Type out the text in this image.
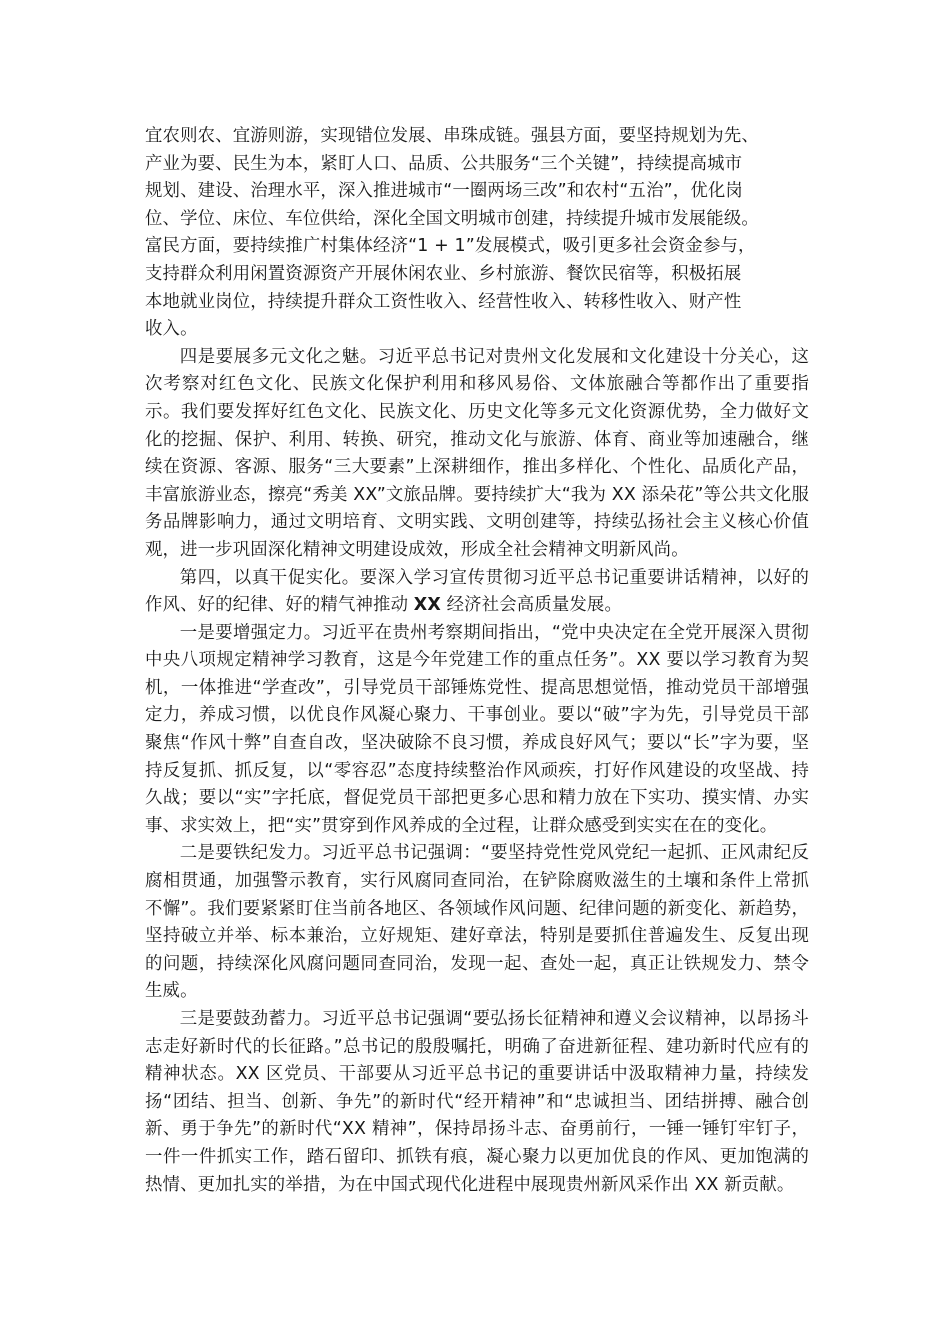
宜农则农、宜游则游，实现错位发展、串珠成链。强县方面，要坚持规划为先、

产业为要、民生为本，紧盯人口、品质、公共服务“三个关键”，持续提高城市

规划、建设、治理水平，深入推进城市“一圈两场三改”和农村“五治”，优化岗

位、学位、床位、车位供给，深化全国文明城市创建，持续提升城市发展能级。

富民方面，要持续推广村集体经济“1 + 1”发展模式，吸引更多社会资金参与，

支持群众利用闲置资源资产开展休闲农业、乡村旅游、餐饮民宿等，积极拓展

本地就业岗位，持续提升群众工资性收入、经营性收入、转移性收入、财产性

收入。

四是要展多元文化之魅。习近平总书记对贵州文化发展和文化建设十分关心，这次考察对红色文化、民族文化保护利用和移风易俗、文体旅融合等都作出了重要指示。我们要发挥好红色文化、民族文化、历史文化等多元文化资源优势，全力做好文化的挖掘、保护、利用、转换、研究，推动文化与旅游、体育、商业等加速融合，继续在资源、客源、服务“三大要素”上深耕细作，推出多样化、个性化、品质化产品，丰富旅游业态，擦亮“秀美 XX”文旅品牌。要持续扩大“我为 XX 添朵花”等公共文化服务品牌影响力，通过文明培育、文明实践、文明创建等，持续弘扬社会主义核心价值观，进一步巩固深化精神文明建设成效，形成全社会精神文明新风尚。

第四，以真干促实化。要深入学习宣传贯彻习近平总书记重要讲话精神，以好的作风、好的纪律、好的精气神推动 XX 经济社会高质量发展。

一是要增强定力。习近平在贵州考察期间指出，“党中央决定在全党开展深入贯彻中央八项规定精神学习教育，这是今年党建工作的重点任务”。XX 要以学习教育为契机，一体推进“学查改”，引导党员干部锤炼党性、提高思想觉悟，推动党员干部增强定力，养成习惯，以优良作风凝心聚力、干事创业。要以“破”字为先，引导党员干部聚焦“作风十弊”自查自改，坚决破除不良习惯，养成良好风气；要以“长”字为要，坚持反复抓、抓反复，以“零容忍”态度持续整治作风顽疾，打好作风建设的攻坚战、持久战；要以“实”字托底，督促党员干部把更多心思和精力放在下实功、摸实情、办实事、求实效上，把“实”贯穿到作风养成的全过程，让群众感受到实实在在的变化。

二是要铁纪发力。习近平总书记强调：“要坚持党性党风党纪一起抓、正风肃纪反腐相贯通，加强警示教育，实行风腐同查同治，在铲除腐败滋生的土壤和条件上常抓不懈”。我们要紧紧盯住当前各地区、各领域作风问题、纪律问题的新变化、新趋势，坚持破立并举、标本兼治，立好规矩、建好章法，特别是要抓住普遍发生、反复出现的问题，持续深化风腐问题同查同治，发现一起、查处一起，真正让铁规发力、禁令生威。

三是要鼓劲蓄力。习近平总书记强调“要弘扬长征精神和遵义会议精神，以昂扬斗志走好新时代的长征路。”总书记的殷殷嘱托，明确了奋进新征程、建功新时代应有的精神状态。XX 区党员、干部要从习近平总书记的重要讲话中汲取精神力量，持续发扬“团结、担当、创新、争先”的新时代“经开精神”和“忠诚担当、团结拼搏、融合创新、勇于争先”的新时代“XX 精神”，保持昂扬斗志、奋勇前行，一锤一锤钉牢钉子，一件一件抓实工作，踏石留印、抓铁有痕，凝心聚力以更加优良的作风、更加饱满的热情、更加扎实的举措，为在中国式现代化进程中展现贵州新风采作出 XX 新贡献。
